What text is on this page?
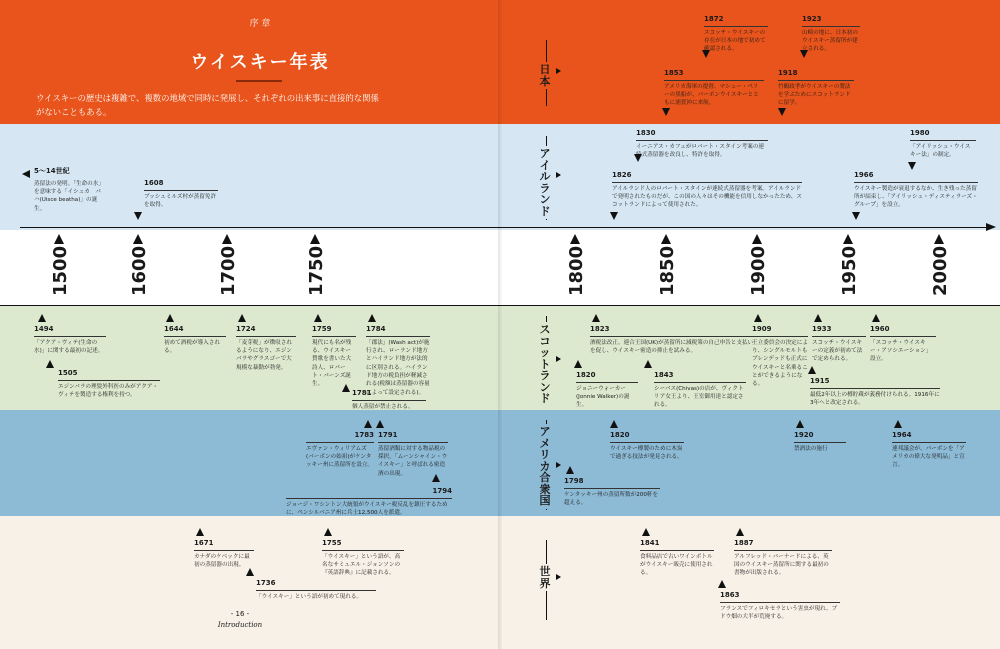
序 章
ウイスキー年表
ウイスキーの歴史は複雑で、複数の地域で同時に発展し、それぞれの出来事に直接的な関係
がないこともある。
1500	1600	1700	1750	1800	1850	1900	1950	2000
日本
アイルランド
スコットランド
アメリカ合衆国
世界
5～14世紀
蒸留法の発明。「生命の水」を意味する「イシュカ　バハ(Uisce beatha)」の誕生。
1608
ブッシュミルズ村が蒸留免許を取得。
1494
「アクア・ヴィテ(生命の水)」に関する最初の記述。
1505
エジンバラの理髪外科医のみがアクア・ヴィテを製造する権利を持つ。
1644
初めて酒税が導入される。
1724
「麦芽税」が徴収されるようになり、エジンバラやグラスゴーで大規模な暴動が勃発。
1759
現代にも名が残る、ウイスキー賛歌を書いた大詩人、ロバート・バーンズ誕生。
1784
「郡法」(Wash act)が施行され、ローランド地方とハイランド地方が法的に区別される。ハイランド地方の税負担が軽減される(税額は蒸留器の容量によって設定される)。
1781
個人蒸留が禁止される。
1783
エヴァン・ウィリアムズ(バーボンの始祖)がケンタッキー州に蒸留所を設立。
1791
蒸留酒類に対する物品税の採択。「ムーンシャイン・ウイスキー」と呼ばれる密造酒の出現。
1794
ジョージ・ワシントン大統領がウイスキー税反乱を鎮圧するために、ペンシルバニア州に兵士12,500人を派遣。
1671
カナダのケベックに最初の蒸留器の出現。
1755
「ウイスキー」という語が、高名なサミュエル・ジョンソンの『英語辞典』に記載される。
1736
「ウイスキー」という語が初めて現れる。
- 16 -
Introduction
1872
スコッチ・ウイスキーの存在が日本の地で初めて確認される。
1923
山崎の地に、日本初のウイスキー蒸留所が建立される。
1853
アメリカ海軍の提督、マシュー・ペリーの黒船が、バーボンウイスキーとともに浦賀沖に来航。
1918
竹鶴政孝がウイスキーの製法を学ぶためにスコットランドに留学。
1830
イーニアス・カフェがロバート・スタイン考案の連続式蒸留器を改良し、特許を取得。
1980
「アイリッシュ・ウイスキー法」の制定。
1826
アイルランド人のロバート・スタインが連続式蒸留器を考案。アイルランドで発明されたものだが、この国の人々はその機能を信用しなかったため、スコットランドによって使用された。
1966
ウイスキー製造が衰退するなか、生き残った蒸留所が結束し、「アイリッシュ・ディスティラーズ・グループ」を設立。
1823
酒税法改正。連合王国(UK)が蒸留所に減税策の自己申告と支払いを促し、ウイスキー密造の抑止を試みる。
1909
王立委員会の決定により、シングルモルトもブレンデッドも正式にウイスキーと名乗ることができるようになる。
1933
スコッチ・ウイスキーの定義が初めて法で定められる。
1960
「スコッチ・ウイスキー・アソシエーション」設立。
1820
ジョニーウォーカー(Jonnie Walker)の誕生。
1843
シーバス(Chivas)の店が、ヴィクトリア女王より、王室御用達と認定される。
1915
最低2年以上の樽貯蔵が義務付けられる。1916年に3年へと改定される。
1820
ウイスキー樽製のために木炭で過ぎる技法が発見される。
1920
禁酒法の施行
1964
連邦議会が、バーボンを「アメリカの偉大な発明品」と宣言。
1798
ケンタッキー州の蒸留所数が200軒を超える。
1841
食料品店で古いワインボトルがウイスキー販売に使用される。
1887
アルフレッド・バーナードによる、英国のウイスキー蒸留所に関する最初の書物が出版される。
1863
フランスでフィロキセラという害虫が現れ、ブドウ畑の大半が荒廃する。
